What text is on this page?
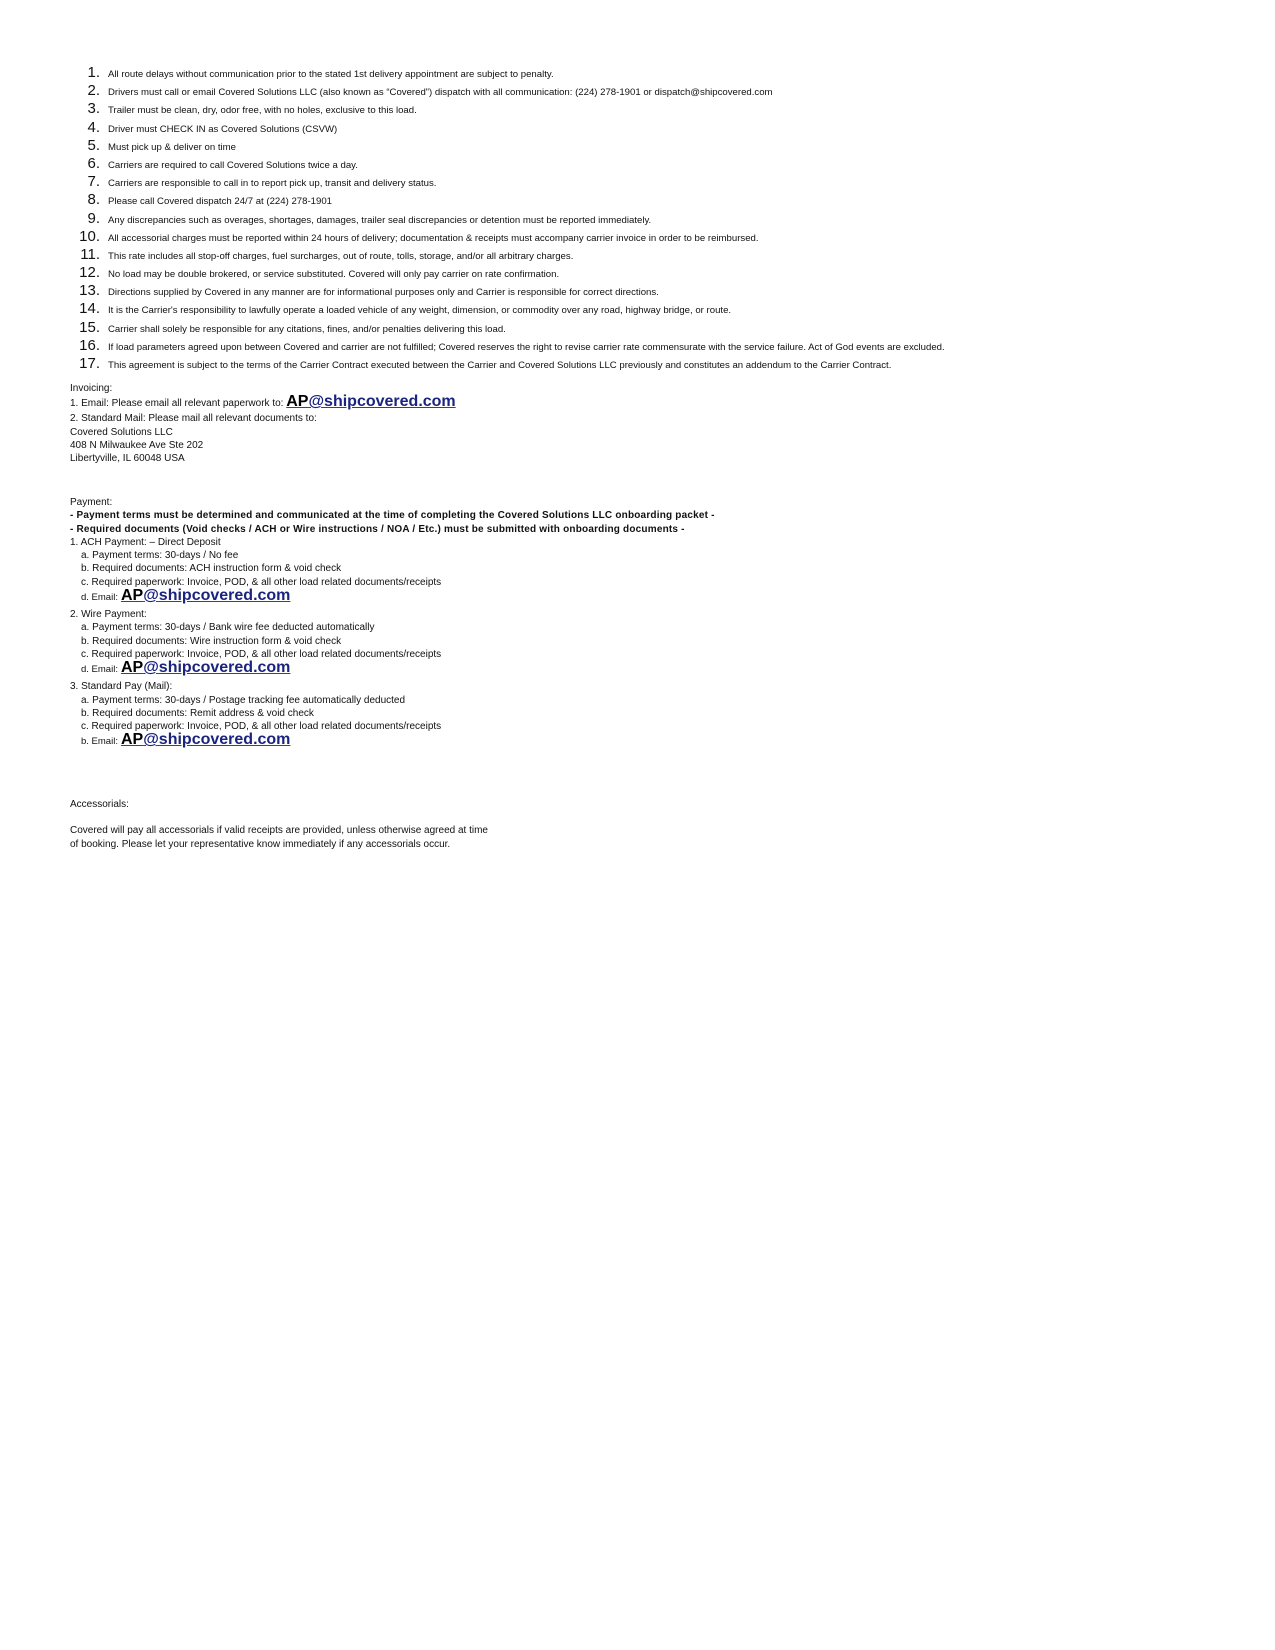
1. All route delays without communication prior to the stated 1st delivery appointment are subject to penalty.
2. Drivers must call or email Covered Solutions LLC (also known as “Covered”) dispatch with all communication: (224) 278-1901 or dispatch@shipcovered.com
3. Trailer must be clean, dry, odor free, with no holes, exclusive to this load.
4. Driver must CHECK IN as Covered Solutions (CSVW)
5. Must pick up & deliver on time
6. Carriers are required to call Covered Solutions twice a day.
7. Carriers are responsible to call in to report pick up, transit and delivery status.
8. Please call Covered dispatch 24/7 at (224) 278-1901
9. Any discrepancies such as overages, shortages, damages, trailer seal discrepancies or detention must be reported immediately.
10. All accessorial charges must be reported within 24 hours of delivery; documentation & receipts must accompany carrier invoice in order to be reimbursed.
11. This rate includes all stop-off charges, fuel surcharges, out of route, tolls, storage, and/or all arbitrary charges.
12. No load may be double brokered, or service substituted. Covered will only pay carrier on rate confirmation.
13. Directions supplied by Covered in any manner are for informational purposes only and Carrier is responsible for correct directions.
14. It is the Carrier's responsibility to lawfully operate a loaded vehicle of any weight, dimension, or commodity over any road, highway bridge, or route.
15. Carrier shall solely be responsible for any citations, fines, and/or penalties delivering this load.
16. If load parameters agreed upon between Covered and carrier are not fulfilled; Covered reserves the right to revise carrier rate commensurate with the service failure. Act of God events are excluded.
17. This agreement is subject to the terms of the Carrier Contract executed between the Carrier and Covered Solutions LLC previously and constitutes an addendum to the Carrier Contract.
Invoicing:
1. Email: Please email all relevant paperwork to: AP@shipcovered.com
2. Standard Mail: Please mail all relevant documents to:
Covered Solutions LLC
408 N Milwaukee Ave Ste 202
Libertyville, IL 60048 USA
Payment:
- Payment terms must be determined and communicated at the time of completing the Covered Solutions LLC onboarding packet -
- Required documents (Void checks / ACH or Wire instructions / NOA / Etc.) must be submitted with onboarding documents -
1. ACH Payment: – Direct Deposit
a. Payment terms: 30-days / No fee
b. Required documents: ACH instruction form & void check
c. Required paperwork: Invoice, POD, & all other load related documents/receipts
d. Email: AP@shipcovered.com
2. Wire Payment:
a. Payment terms: 30-days / Bank wire fee deducted automatically
b. Required documents: Wire instruction form & void check
c. Required paperwork: Invoice, POD, & all other load related documents/receipts
d. Email: AP@shipcovered.com
3. Standard Pay (Mail):
a. Payment terms: 30-days / Postage tracking fee automatically deducted
b. Required documents: Remit address & void check
c. Required paperwork: Invoice, POD, & all other load related documents/receipts
b. Email: AP@shipcovered.com
Accessorials:
Covered will pay all accessorials if valid receipts are provided, unless otherwise agreed at time
of booking. Please let your representative know immediately if any accessorials occur.
